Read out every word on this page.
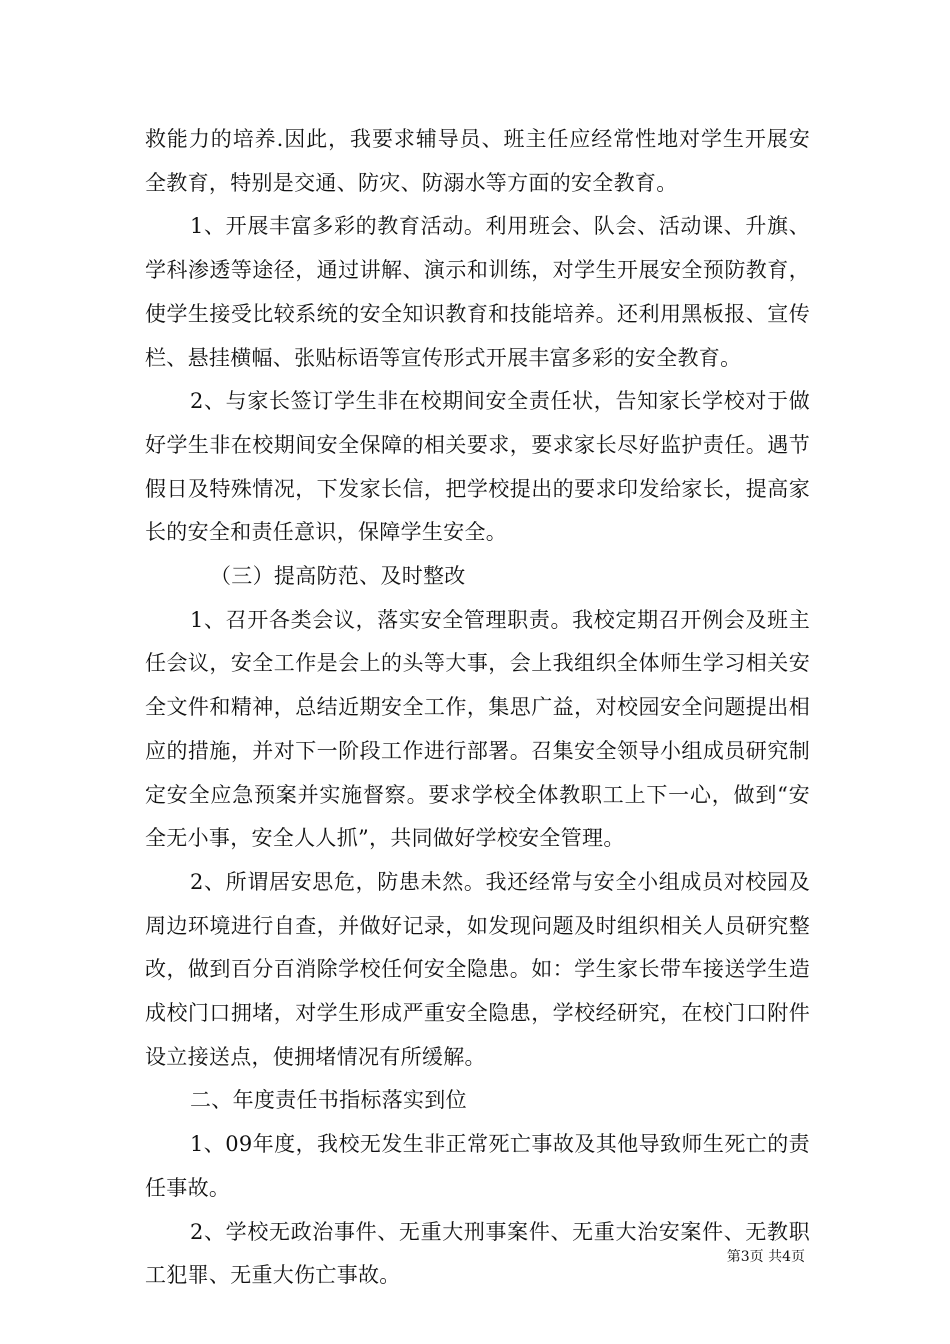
救能力的培养.因此，我要求辅导员、班主任应经常性地对学生开展安全教育，特别是交通、防灾、防溺水等方面的安全教育。

1、开展丰富多彩的教育活动。利用班会、队会、活动课、升旗、学科渗透等途径，通过讲解、演示和训练，对学生开展安全预防教育，使学生接受比较系统的安全知识教育和技能培养。还利用黑板报、宣传栏、悬挂横幅、张贴标语等宣传形式开展丰富多彩的安全教育。

2、与家长签订学生非在校期间安全责任状，告知家长学校对于做好学生非在校期间安全保障的相关要求，要求家长尽好监护责任。遇节假日及特殊情况，下发家长信，把学校提出的要求印发给家长，提高家长的安全和责任意识，保障学生安全。

（三）提高防范、及时整改

1、召开各类会议，落实安全管理职责。我校定期召开例会及班主任会议，安全工作是会上的头等大事，会上我组织全体师生学习相关安全文件和精神，总结近期安全工作，集思广益，对校园安全问题提出相应的措施，并对下一阶段工作进行部署。召集安全领导小组成员研究制定安全应急预案并实施督察。要求学校全体教职工上下一心，做到“安全无小事，安全人人抓”，共同做好学校安全管理。

2、所谓居安思危，防患未然。我还经常与安全小组成员对校园及周边环境进行自查，并做好记录，如发现问题及时组织相关人员研究整改，做到百分百消除学校任何安全隐患。如：学生家长带车接送学生造成校门口拥堵，对学生形成严重安全隐患，学校经研究，在校门口附件设立接送点，使拥堵情况有所缓解。

二、年度责任书指标落实到位

1、09年度，我校无发生非正常死亡事故及其他导致师生死亡的责任事故。

2、学校无政治事件、无重大刑事案件、无重大治安案件、无教职工犯罪、无重大伤亡事故。

第3页 共4页
